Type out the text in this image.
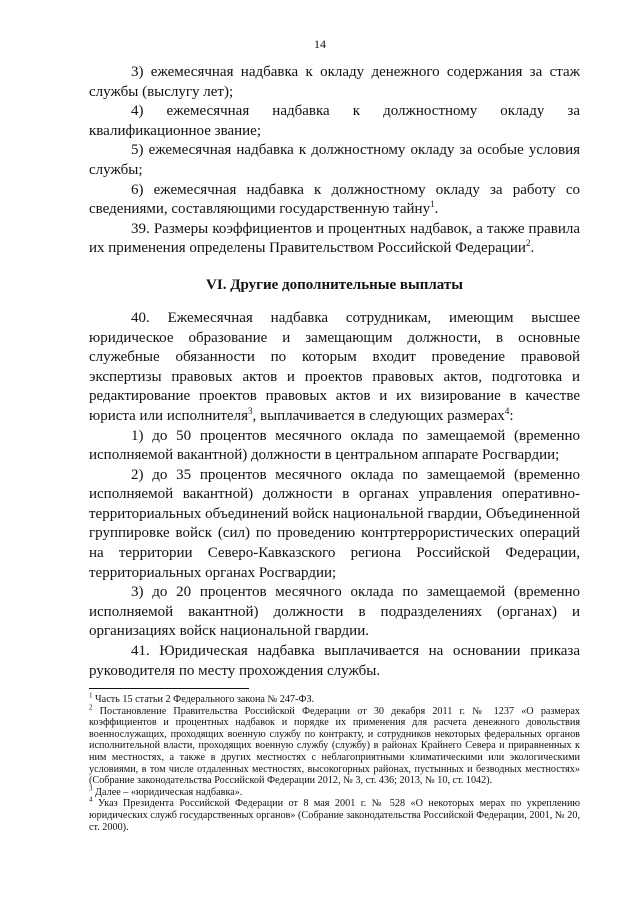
14

3) ежемесячная надбавка к окладу денежного содержания за стаж службы (выслугу лет);

4) ежемесячная надбавка к должностному окладу за квалификационное звание;

5) ежемесячная надбавка к должностному окладу за особые условия службы;

6) ежемесячная надбавка к должностному окладу за работу со сведениями, составляющими государственную тайну$^1$.

39. Размеры коэффициентов и процентных надбавок, а также правила их применения определены Правительством Российской Федерации$^2$.

VI. Другие дополнительные выплаты

40. Ежемесячная надбавка сотрудникам, имеющим высшее юридическое образование и замещающим должности, в основные служебные обязанности по которым входит проведение правовой экспертизы правовых актов и проектов правовых актов, подготовка и редактирование проектов правовых актов и их визирование в качестве юриста или исполнителя$^3$, выплачивается в следующих размерах$^4$:

1) до 50 процентов месячного оклада по замещаемой (временно исполняемой вакантной) должности в центральном аппарате Росгвардии;

2) до 35 процентов месячного оклада по замещаемой (временно исполняемой вакантной) должности в органах управления оперативно-территориальных объединений войск национальной гвардии, Объединенной группировке войск (сил) по проведению контртеррористических операций на территории Северо-Кавказского региона Российской Федерации, территориальных органах Росгвардии;

3) до 20 процентов месячного оклада по замещаемой (временно исполняемой вакантной) должности в подразделениях (органах) и организациях войск национальной гвардии.

41. Юридическая надбавка выплачивается на основании приказа руководителя по месту прохождения службы.

$^1$ Часть 15 статьи 2 Федерального закона № 247-ФЗ.

$^2$ Постановление Правительства Российской Федерации от 30 декабря 2011 г. № 1237 «О размерах коэффициентов и процентных надбавок и порядке их применения для расчета денежного довольствия военнослужащих, проходящих военную службу по контракту, и сотрудников некоторых федеральных органов исполнительной власти, проходящих военную службу (службу) в районах Крайнего Севера и приравненных к ним местностях, а также в других местностях с неблагоприятными климатическими или экологическими условиями, в том числе отдаленных местностях, высокогорных районах, пустынных и безводных местностях» (Собрание законодательства Российской Федерации 2012, № 3, ст. 436; 2013, № 10, ст. 1042).

$^3$ Далее – «юридическая надбавка».

$^4$ Указ Президента Российской Федерации от 8 мая 2001 г. № 528 «О некоторых мерах по укреплению юридических служб государственных органов» (Собрание законодательства Российской Федерации, 2001, № 20, ст. 2000).
